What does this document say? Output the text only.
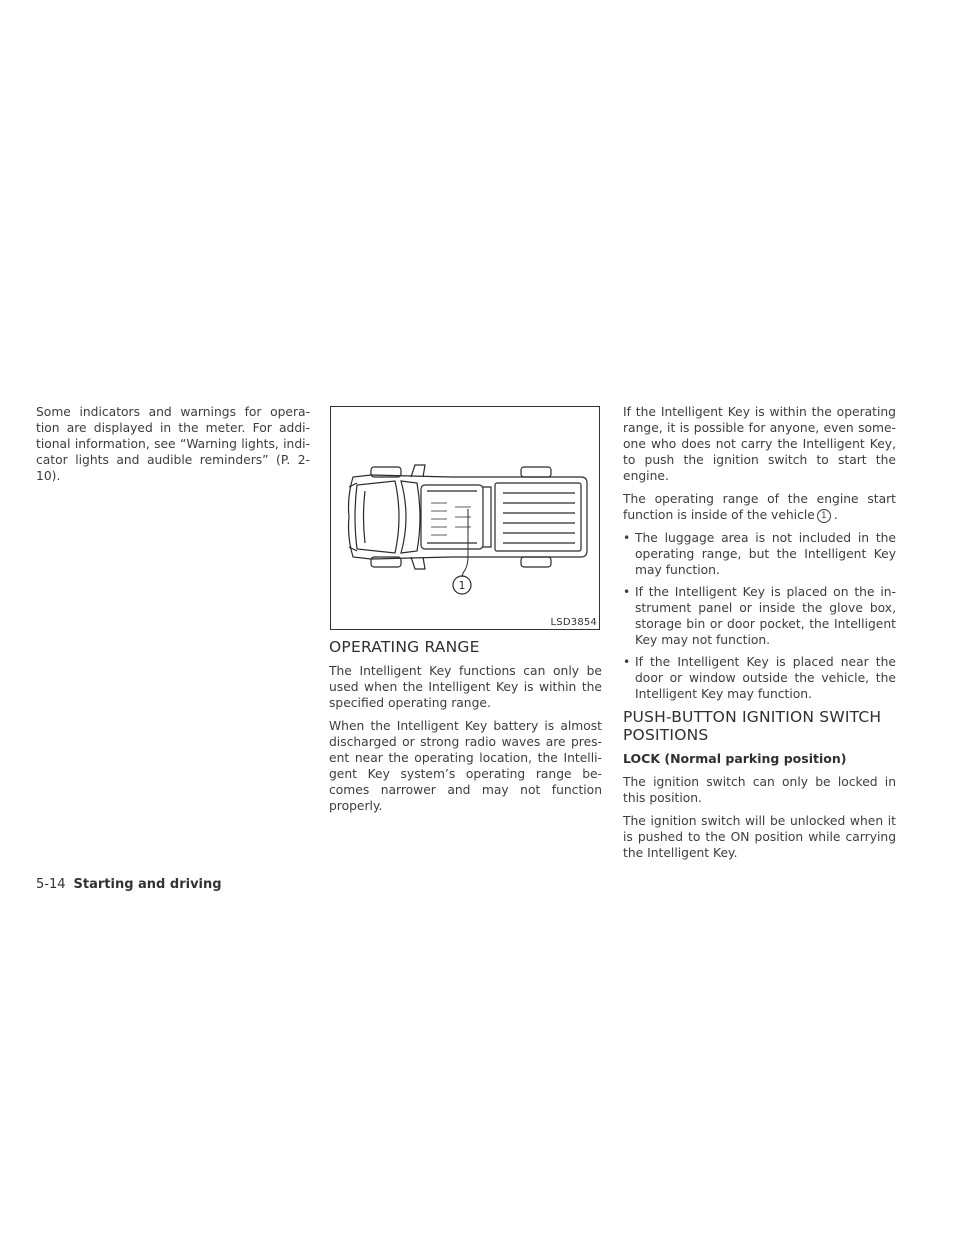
Some indicators and warnings for opera-tion are displayed in the meter. For addi-tional information, see “Warning lights, indi-cator lights and audible reminders” (P. 2-10).

1
LSD3854
OPERATING RANGE

The Intelligent Key functions can only be used when the Intelligent Key is within the specified operating range.

When the Intelligent Key battery is almost discharged or strong radio waves are pres-ent near the operating location, the Intelli-gent Key system’s operating range be-comes narrower and may not function properly.

If the Intelligent Key is within the operating range, it is possible for anyone, even some-one who does not carry the Intelligent Key, to push the ignition switch to start the engine.

The operating range of the engine start function is inside of the vehicle 1 .

• The luggage area is not included in the operating range, but the Intelligent Key may function.
• If the Intelligent Key is placed on the in-strument panel or inside the glove box, storage bin or door pocket, the Intelligent Key may not function.
• If the Intelligent Key is placed near the door or window outside the vehicle, the Intelligent Key may function.
PUSH-BUTTON IGNITION SWITCH POSITIONS
LOCK (Normal parking position)

The ignition switch can only be locked in this position.

The ignition switch will be unlocked when it is pushed to the ON position while carrying the Intelligent Key.

5-14 Starting and driving
